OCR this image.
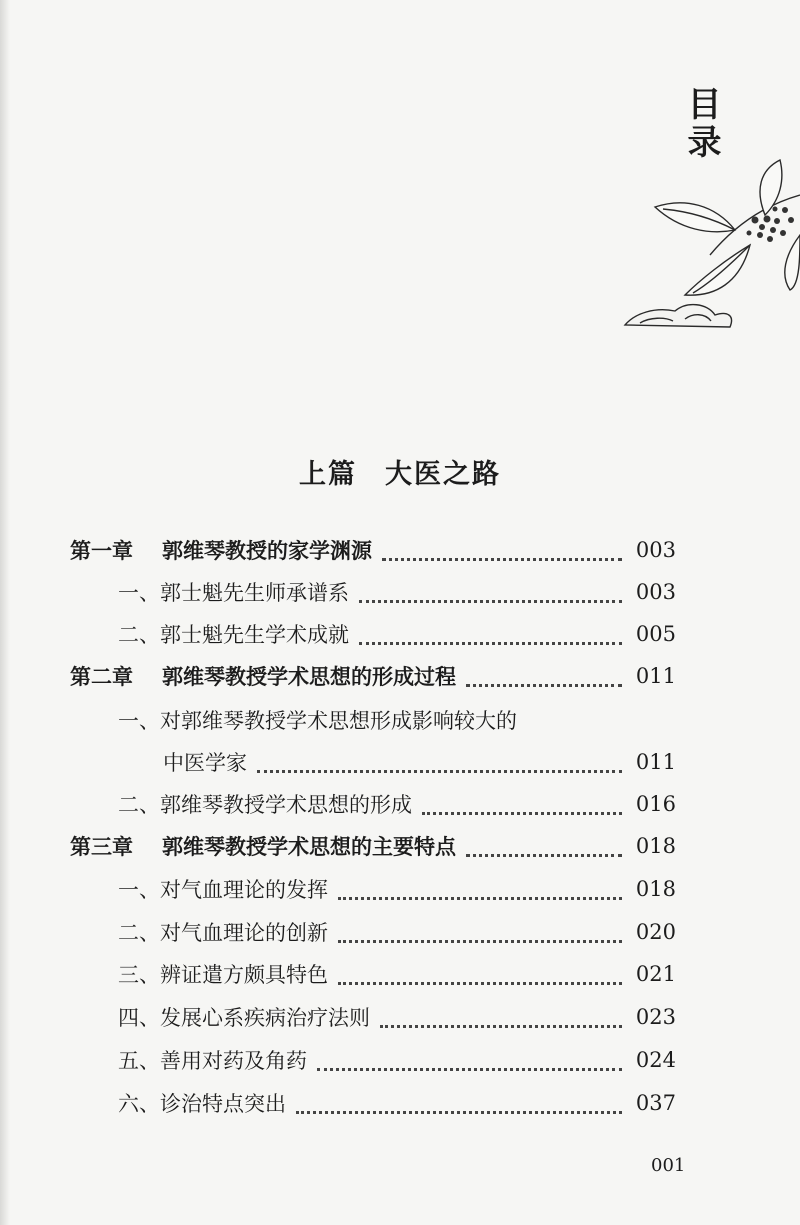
目录
上篇 大医之路
第一章 郭维琴教授的家学渊源	003
一、郭士魁先生师承谱系	003
二、郭士魁先生学术成就	005
第二章 郭维琴教授学术思想的形成过程	011
一、对郭维琴教授学术思想形成影响较大的
中医学家	011
二、郭维琴教授学术思想的形成	016
第三章 郭维琴教授学术思想的主要特点	018
一、对气血理论的发挥	018
二、对气血理论的创新	020
三、辨证遣方颇具特色	021
四、发展心系疾病治疗法则	023
五、善用对药及角药	024
六、诊治特点突出	037
001
